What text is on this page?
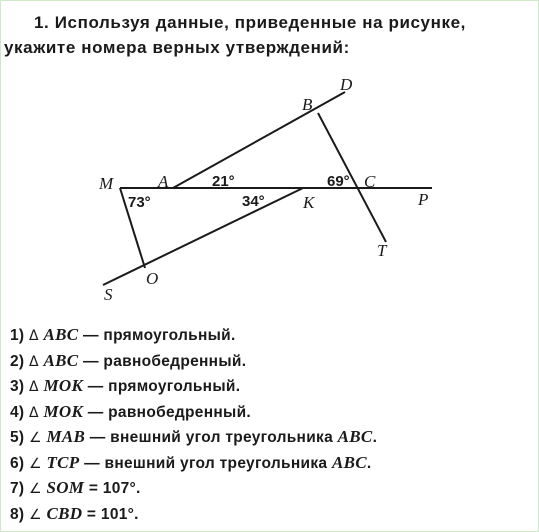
1. Используя данные, приведенные на рисунке,
укажите номера верных утверждений:
D
B
M	A	C
K	P
T
O
S
73°
21°
34°
69°
1) Δ ABC — прямоугольный.
2) Δ ABC — равнобедренный.
3) Δ MOK — прямоугольный.
4) Δ MOK — равнобедренный.
5) ∠ MAB — внешний угол треугольника ABC.
6) ∠ TCP — внешний угол треугольника ABC.
7) ∠ SOM = 107°.
8) ∠ CBD = 101°.
